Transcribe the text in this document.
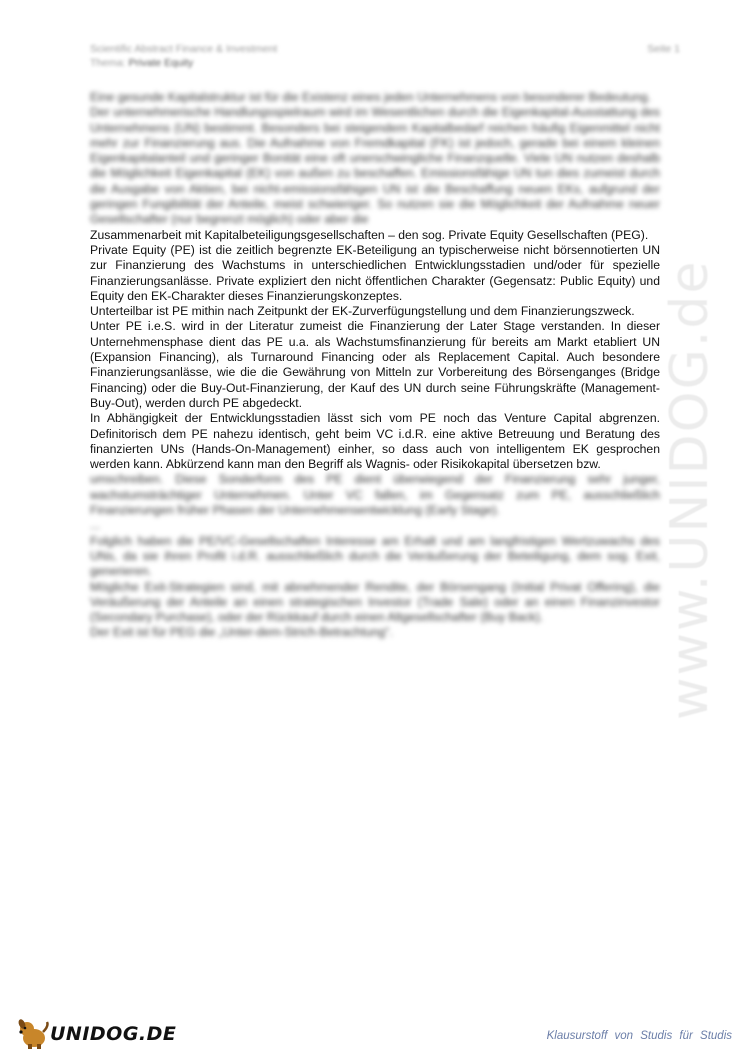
Scientific Abstract Finance & Investment	Seite 1
Thema: Private Equity

Eine gesunde Kapitalstruktur ist für die Existenz eines jeden Unternehmens von besonderer Bedeutung.

Der unternehmerische Handlungsspielraum wird im Wesentlichen durch die Eigenkapital-Ausstattung des Unternehmens (UN) bestimmt. Besonders bei steigendem Kapitalbedarf reichen häufig Eigenmittel nicht mehr zur Finanzierung aus. Die Aufnahme von Fremdkapital (FK) ist jedoch, gerade bei einem kleinen Eigenkapitalanteil und geringer Bonität eine oft unerschwingliche Finanzquelle. Viele UN nutzen deshalb die Möglichkeit Eigenkapital (EK) von außen zu beschaffen. Emissionsfähige UN tun dies zumeist durch die Ausgabe von Aktien, bei nicht-emissionsfähigen UN ist die Beschaffung neuen EKs, aufgrund der geringen Fungibilität der Anteile, meist schwieriger. So nutzen sie die Möglichkeit der Aufnahme neuer Gesellschafter (nur begrenzt möglich) oder aber die

Zusammenarbeit mit Kapitalbeteiligungsgesellschaften – den sog. Private Equity Gesellschaften (PEG).

Private Equity (PE) ist die zeitlich begrenzte EK-Beteiligung an typischerweise nicht börsennotierten UN zur Finanzierung des Wachstums in unterschiedlichen Entwicklungsstadien und/oder für spezielle Finanzierungsanlässe. Private expliziert den nicht öffentlichen Charakter (Gegensatz: Public Equity) und Equity den EK-Charakter dieses Finanzierungskonzeptes.

Unterteilbar ist PE mithin nach Zeitpunkt der EK-Zurverfügungstellung und dem Finanzierungszweck.

Unter PE i.e.S. wird in der Literatur zumeist die Finanzierung der Later Stage verstanden. In dieser Unternehmensphase dient das PE u.a. als Wachstumsfinanzierung für bereits am Markt etabliert UN (Expansion Financing), als Turnaround Financing oder als Replacement Capital. Auch besondere Finanzierungsanlässe, wie die die Gewährung von Mitteln zur Vorbereitung des Börsenganges (Bridge Financing) oder die Buy-Out-Finanzierung, der Kauf des UN durch seine Führungskräfte (Management-Buy-Out), werden durch PE abgedeckt.

In Abhängigkeit der Entwicklungsstadien lässt sich vom PE noch das Venture Capital abgrenzen. Definitorisch dem PE nahezu identisch, geht beim VC i.d.R. eine aktive Betreuung und Beratung des finanzierten UNs (Hands-On-Management) einher, so dass auch von intelligentem EK gesprochen werden kann. Abkürzend kann man den Begriff als Wagnis- oder Risikokapital übersetzen bzw.

umschreiben. Diese Sonderform des PE dient überwiegend der Finanzierung sehr junger, wachstumsträchtiger Unternehmen. Unter VC fallen, im Gegensatz zum PE, ausschließlich Finanzierungen früher Phasen der Unternehmensentwicklung (Early Stage).

...

Folglich haben die PE/VC-Gesellschaften Interesse am Erhalt und am langfristigen Wertzuwachs des UNs, da sie ihren Profit i.d.R. ausschließlich durch die Veräußerung der Beteiligung, dem sog. Exit, generieren.

Mögliche Exit-Strategien sind, mit abnehmender Rendite, der Börsengang (Initial Privat Offering), die Veräußerung der Anteile an einen strategischen Investor (Trade Sale) oder an einen Finanzinvestor (Secondary Purchase), oder der Rückkauf durch einen Altgesellschafter (Buy Back).

Der Exit ist für PEG die „Unter-dem-Strich-Betrachtung“.	www.UNIDOG.de
UNIDOG.DE	Klausurstoff von Studis für Studis
